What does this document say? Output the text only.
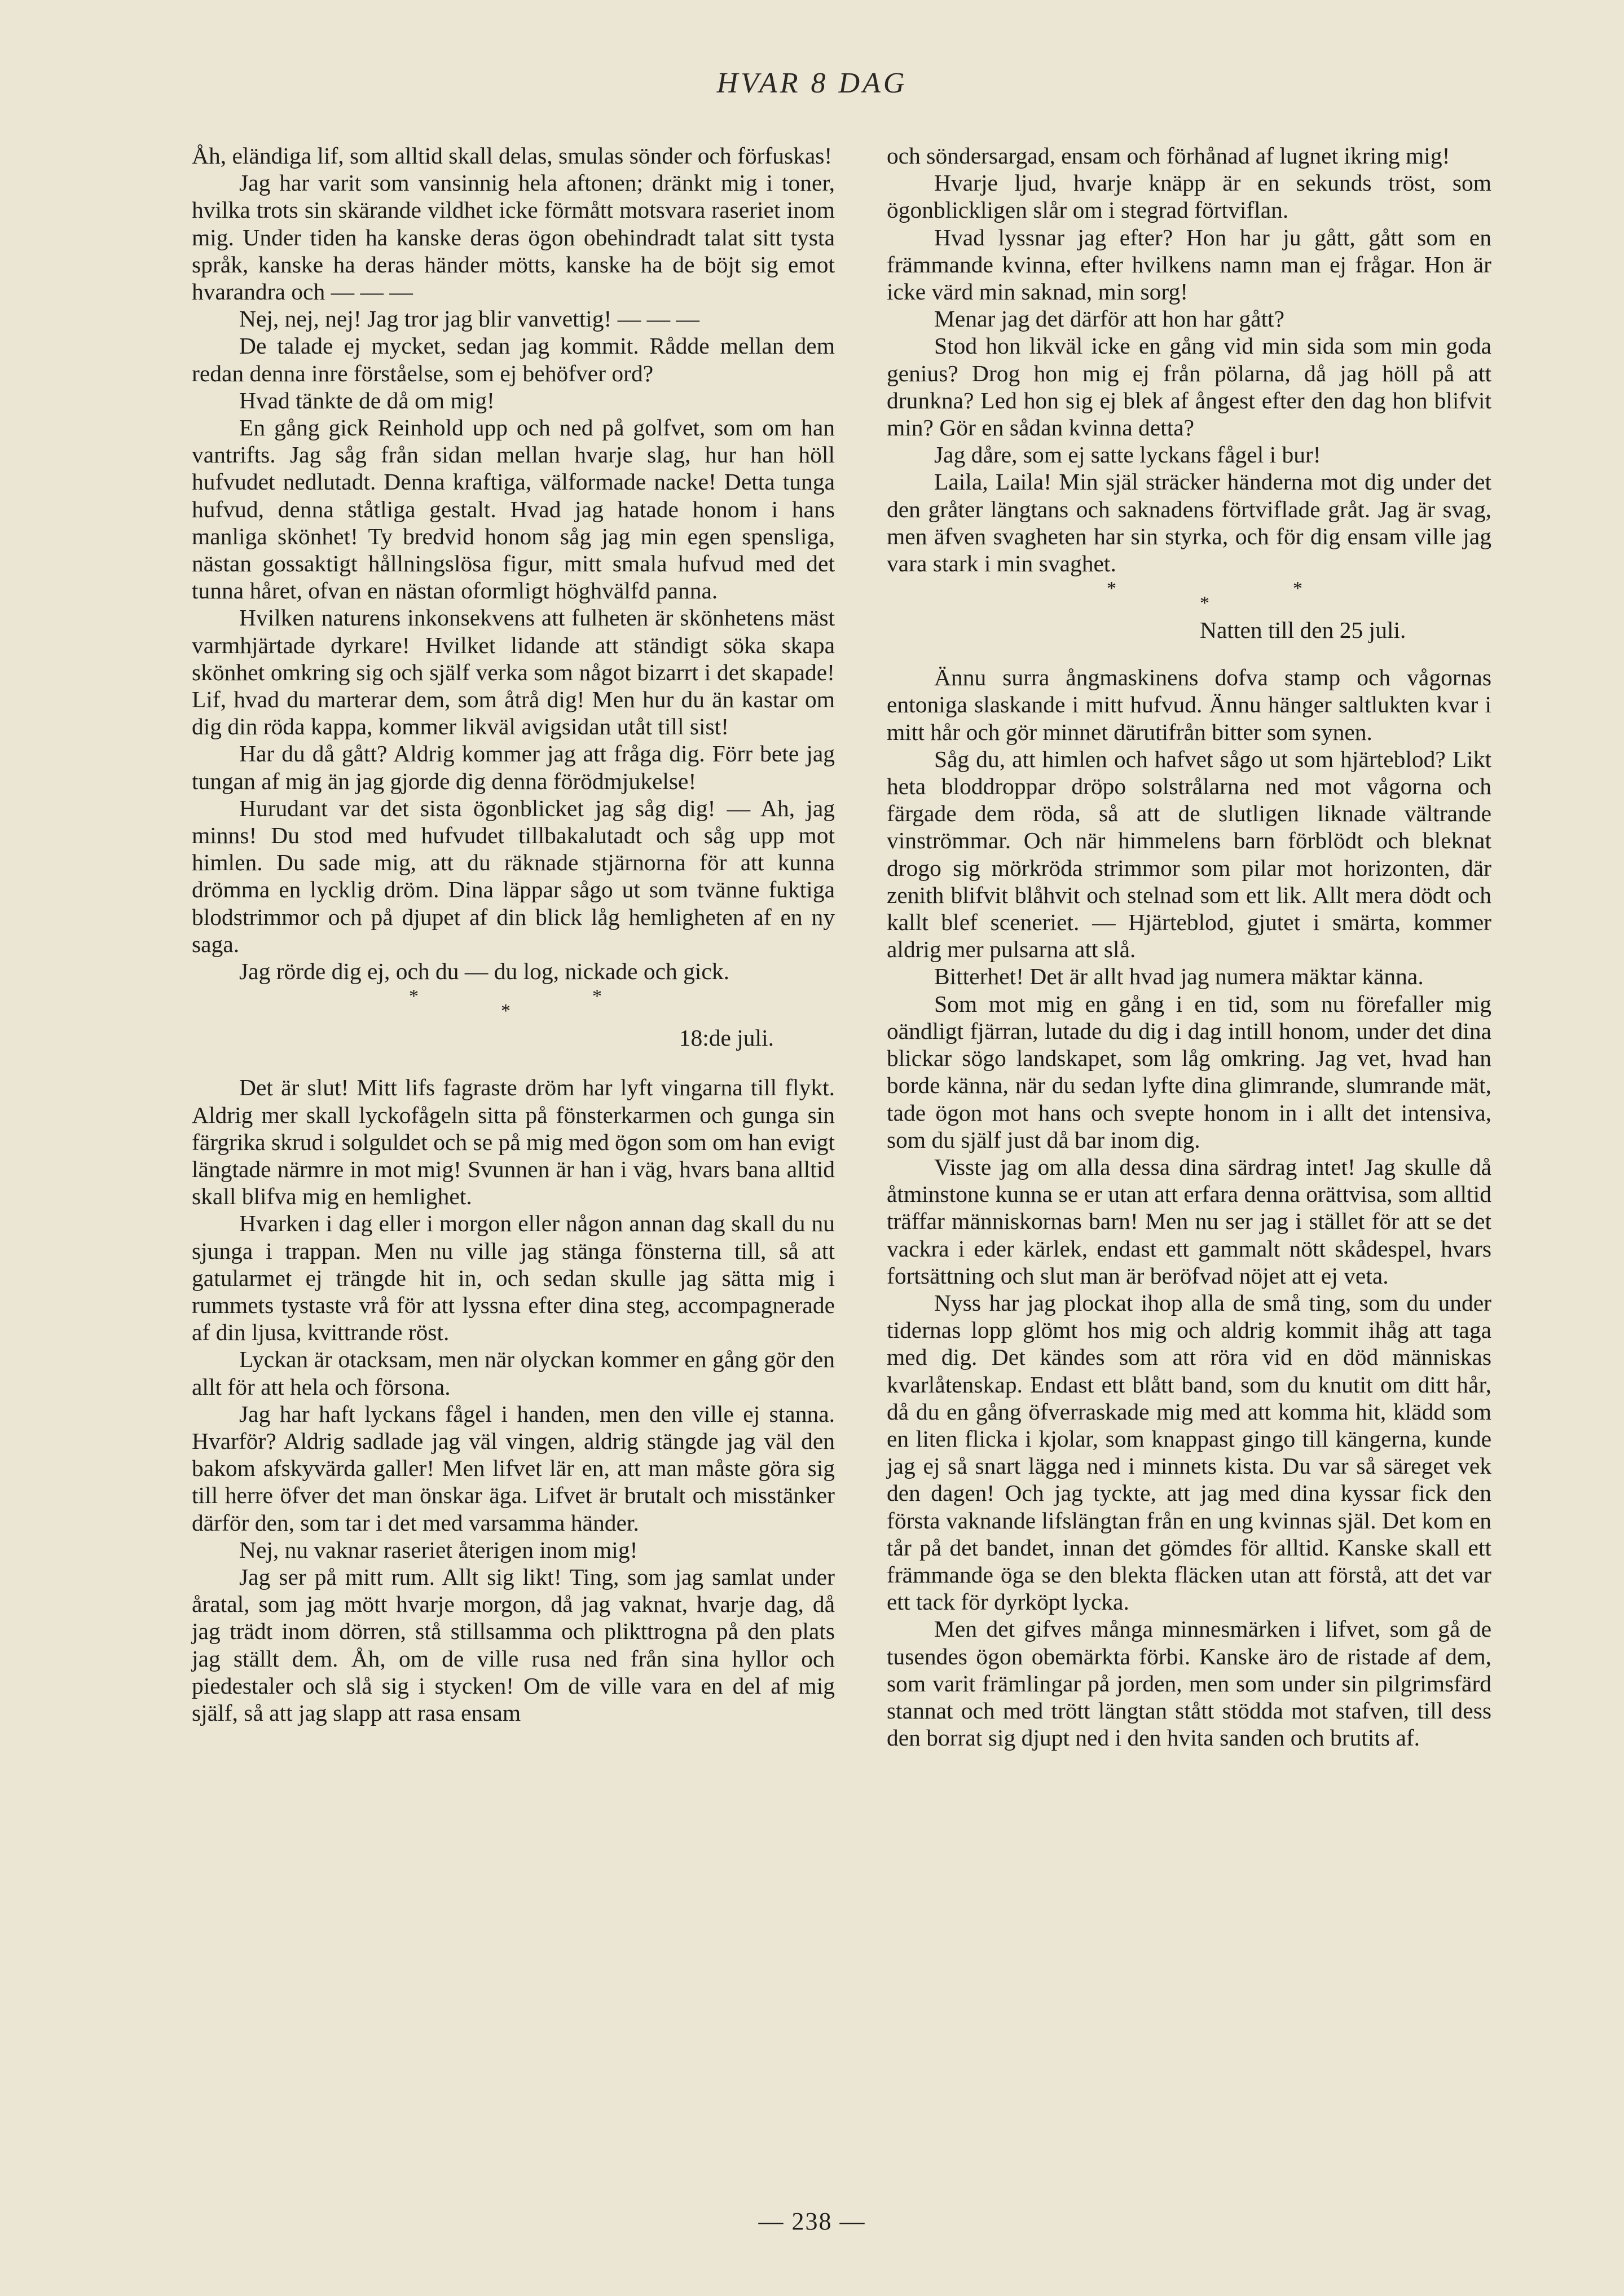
HVAR 8 DAG

Åh, eländiga lif, som alltid skall delas, smulas sönder och förfuskas!

Jag har varit som vansinnig hela aftonen; dränkt mig i toner, hvilka trots sin skärande vildhet icke förmått motsvara raseriet inom mig. Under tiden ha kanske deras ögon obehindradt talat sitt tysta språk, kanske ha deras händer mötts, kanske ha de böjt sig emot hvarandra och — — —

Nej, nej, nej! Jag tror jag blir vanvettig! — — —

De talade ej mycket, sedan jag kommit. Rådde mellan dem redan denna inre förståelse, som ej behöfver ord?

Hvad tänkte de då om mig!

En gång gick Reinhold upp och ned på golfvet, som om han vantrifts. Jag såg från sidan mellan hvarje slag, hur han höll hufvudet nedlutadt. Denna kraftiga, välformade nacke! Detta tunga hufvud, denna ståtliga gestalt. Hvad jag hatade honom i hans manliga skönhet! Ty bredvid honom såg jag min egen spensliga, nästan gossaktigt hållningslösa figur, mitt smala hufvud med det tunna håret, ofvan en nästan oformligt höghvälfd panna.

Hvilken naturens inkonsekvens att fulheten är skönhetens mäst varmhjärtade dyrkare! Hvilket lidande att ständigt söka skapa skönhet omkring sig och själf verka som något bizarrt i det skapade! Lif, hvad du marterar dem, som åtrå dig! Men hur du än kastar om dig din röda kappa, kommer likväl avigsidan utåt till sist!

Har du då gått? Aldrig kommer jag att fråga dig. Förr bete jag tungan af mig än jag gjorde dig denna förödmjukelse!

Hurudant var det sista ögonblicket jag såg dig! — Ah, jag minns! Du stod med hufvudet tillbakalutadt och såg upp mot himlen. Du sade mig, att du räknade stjärnorna för att kunna drömma en lycklig dröm. Dina läppar sågo ut som tvänne fuktiga blodstrimmor och på djupet af din blick låg hemligheten af en ny saga.

Jag rörde dig ej, och du — du log, nickade och gick.

*
*
*
18:de juli.

Det är slut! Mitt lifs fagraste dröm har lyft vingarna till flykt. Aldrig mer skall lyckofågeln sitta på fönsterkarmen och gunga sin färgrika skrud i solguldet och se på mig med ögon som om han evigt längtade närmre in mot mig! Svunnen är han i väg, hvars bana alltid skall blifva mig en hemlighet.

Hvarken i dag eller i morgon eller någon annan dag skall du nu sjunga i trappan. Men nu ville jag stänga fönsterna till, så att gatularmet ej trängde hit in, och sedan skulle jag sätta mig i rummets tystaste vrå för att lyssna efter dina steg, accompagnerade af din ljusa, kvittrande röst.

Lyckan är otacksam, men när olyckan kommer en gång gör den allt för att hela och försona.

Jag har haft lyckans fågel i handen, men den ville ej stanna. Hvarför? Aldrig sadlade jag väl vingen, aldrig stängde jag väl den bakom afskyvärda galler! Men lifvet lär en, att man måste göra sig till herre öfver det man önskar äga. Lifvet är brutalt och misstänker därför den, som tar i det med varsamma händer.

Nej, nu vaknar raseriet återigen inom mig!

Jag ser på mitt rum. Allt sig likt! Ting, som jag samlat under åratal, som jag mött hvarje morgon, då jag vaknat, hvarje dag, då jag trädt inom dörren, stå stillsamma och plikttrogna på den plats jag ställt dem. Åh, om de ville rusa ned från sina hyllor och piedestaler och slå sig i stycken! Om de ville vara en del af mig själf, så att jag slapp att rasa ensam

och söndersargad, ensam och förhånad af lugnet ikring mig!

Hvarje ljud, hvarje knäpp är en sekunds tröst, som ögonblickligen slår om i stegrad förtviflan.

Hvad lyssnar jag efter? Hon har ju gått, gått som en främmande kvinna, efter hvilkens namn man ej frågar. Hon är icke värd min saknad, min sorg!

Menar jag det därför att hon har gått?

Stod hon likväl icke en gång vid min sida som min goda genius? Drog hon mig ej från pölarna, då jag höll på att drunkna? Led hon sig ej blek af ångest efter den dag hon blifvit min? Gör en sådan kvinna detta?

Jag dåre, som ej satte lyckans fågel i bur!

Laila, Laila! Min själ sträcker händerna mot dig under det den gråter längtans och saknadens förtviflade gråt. Jag är svag, men äfven svagheten har sin styrka, och för dig ensam ville jag vara stark i min svaghet.

*
*
*
Natten till den 25 juli.

Ännu surra ångmaskinens dofva stamp och vågornas entoniga slaskande i mitt hufvud. Ännu hänger saltlukten kvar i mitt hår och gör minnet därutifrån bitter som synen.

Såg du, att himlen och hafvet sågo ut som hjärteblod? Likt heta bloddroppar dröpo solstrålarna ned mot vågorna och färgade dem röda, så att de slutligen liknade vältrande vinströmmar. Och när himmelens barn förblödt och bleknat drogo sig mörkröda strimmor som pilar mot horizonten, där zenith blifvit blåhvit och stelnad som ett lik. Allt mera dödt och kallt blef sceneriet. — Hjärteblod, gjutet i smärta, kommer aldrig mer pulsarna att slå.

Bitterhet! Det är allt hvad jag numera mäktar känna.

Som mot mig en gång i en tid, som nu förefaller mig oändligt fjärran, lutade du dig i dag intill honom, under det dina blickar sögo landskapet, som låg omkring. Jag vet, hvad han borde känna, när du sedan lyfte dina glimrande, slumrande mät, tade ögon mot hans och svepte honom in i allt det intensiva, som du själf just då bar inom dig.

Visste jag om alla dessa dina särdrag intet! Jag skulle då åtminstone kunna se er utan att erfara denna orättvisa, som alltid träffar människornas barn! Men nu ser jag i stället för att se det vackra i eder kärlek, endast ett gammalt nött skådespel, hvars fortsättning och slut man är beröfvad nöjet att ej veta.

Nyss har jag plockat ihop alla de små ting, som du under tidernas lopp glömt hos mig och aldrig kommit ihåg att taga med dig. Det kändes som att röra vid en död människas kvarlåtenskap. Endast ett blått band, som du knutit om ditt hår, då du en gång öfverraskade mig med att komma hit, klädd som en liten flicka i kjolar, som knappast gingo till kängerna, kunde jag ej så snart lägga ned i minnets kista. Du var så säreget vek den dagen! Och jag tyckte, att jag med dina kyssar fick den första vaknande lifslängtan från en ung kvinnas själ. Det kom en tår på det bandet, innan det gömdes för alltid. Kanske skall ett främmande öga se den blekta fläcken utan att förstå, att det var ett tack för dyrköpt lycka.

Men det gifves många minnesmärken i lifvet, som gå de tusendes ögon obemärkta förbi. Kanske äro de ristade af dem, som varit främlingar på jorden, men som under sin pilgrimsfärd stannat och med trött längtan stått stödda mot stafven, till dess den borrat sig djupt ned i den hvita sanden och brutits af.

— 238 —
